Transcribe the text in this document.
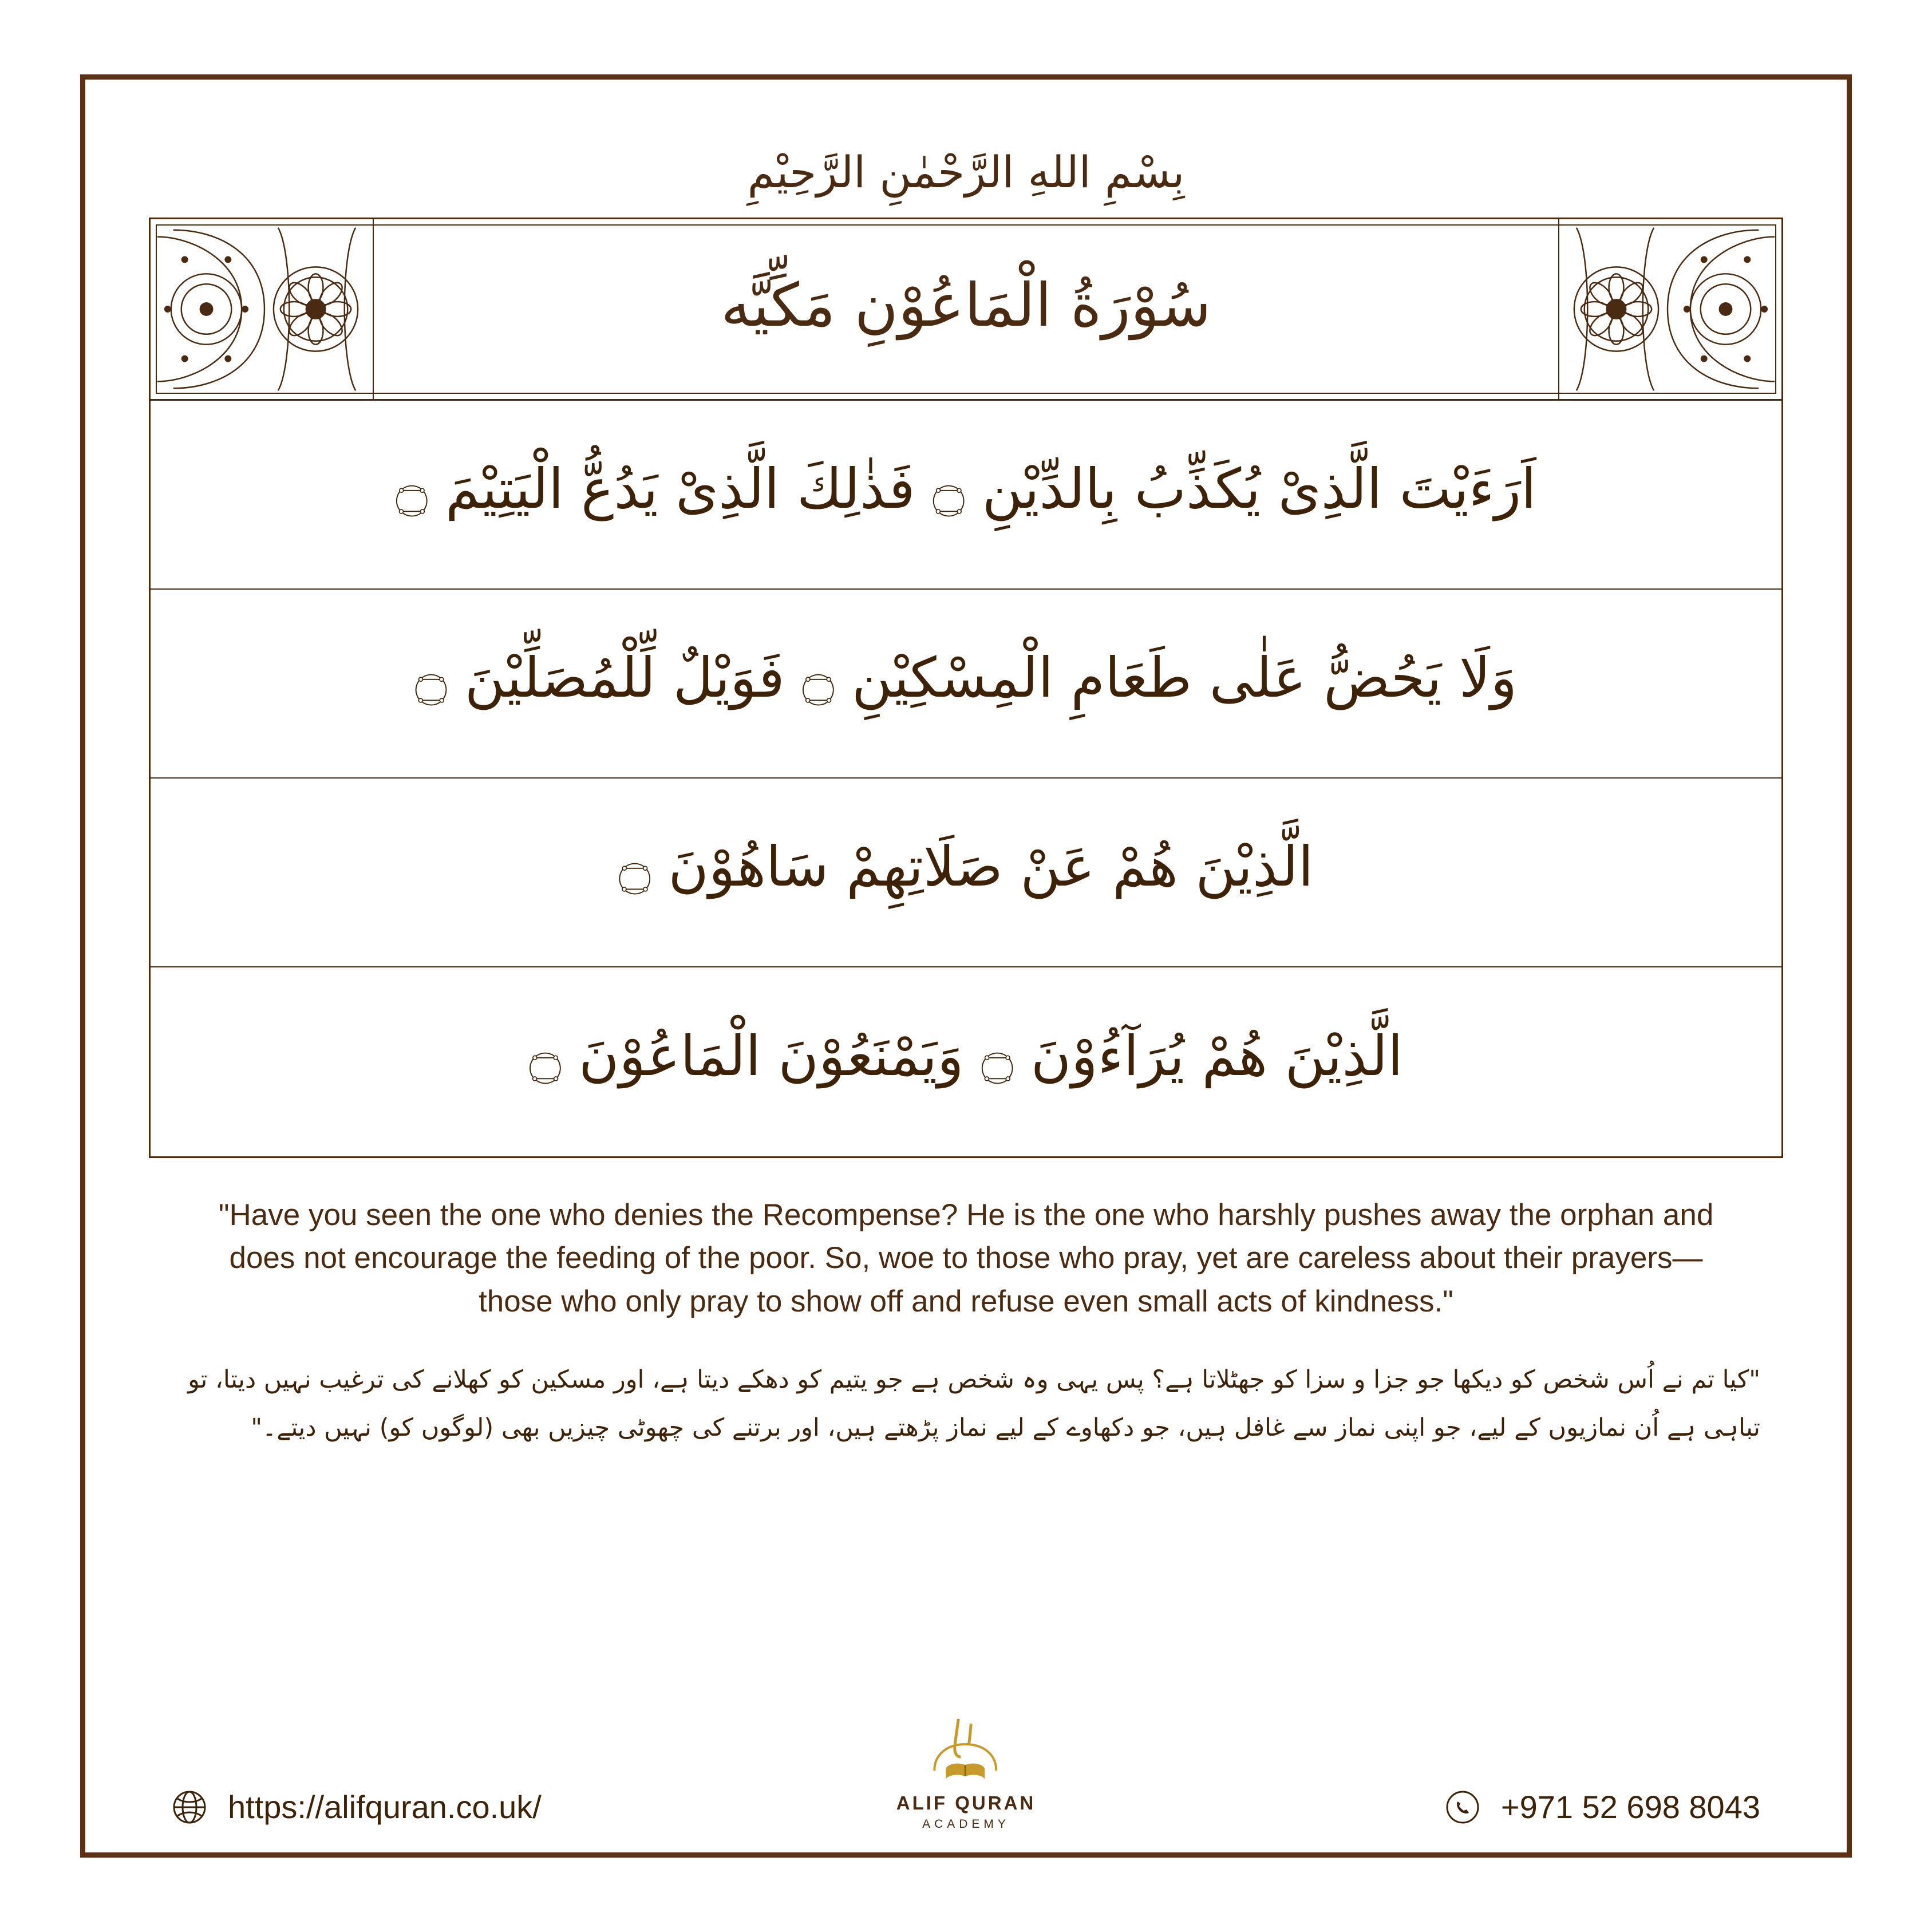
بِسْمِ اللهِ الرَّحْمٰنِ الرَّحِيْمِ
سُوْرَةُ الْمَاعُوْنِ مَكِّیَّه
اَرَءَيْتَ الَّذِىْ يُكَذِّبُ بِالدِّيْنِ ۝ فَذٰلِكَ الَّذِىْ يَدُعُّ الْيَتِيْمَ ۝
وَلَا يَحُضُّ عَلٰى طَعَامِ الْمِسْكِيْنِ ۝ فَوَيْلٌ لِّلْمُصَلِّيْنَ ۝
الَّذِيْنَ هُمْ عَنْ صَلَاتِهِمْ سَاهُوْنَ ۝
الَّذِيْنَ هُمْ يُرَآءُوْنَ ۝ وَيَمْنَعُوْنَ الْمَاعُوْنَ ۝
"Have you seen the one who denies the Recompense? He is the one who harshly pushes away the orphan and does not encourage the feeding of the poor. So, woe to those who pray, yet are careless about their prayers—those who only pray to show off and refuse even small acts of kindness."
"کیا تم نے اُس شخص کو دیکھا جو جزا و سزا کو جھٹلاتا ہے؟ پس یہی وہ شخص ہے جو یتیم کو دھکے دیتا ہے، اور مسکین کو کھلانے کی ترغیب نہیں دیتا، تو تباہی ہے اُن نمازیوں کے لیے، جو اپنی نماز سے غافل ہیں، جو دکھاوے کے لیے نماز پڑھتے ہیں، اور برتنے کی چھوٹی چیزیں بھی (لوگوں کو) نہیں دیتے۔"
https://alifquran.co.uk/	ALIF QURAN
ACADEMY	+971 52 698 8043
